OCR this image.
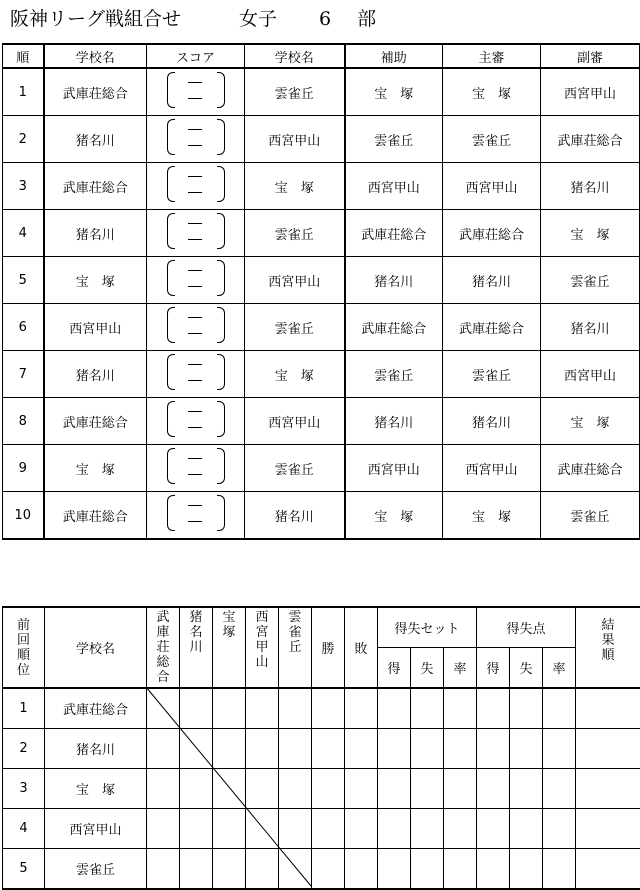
阪神リーグ戦組合せ	女子 6 部
順	学校名	スコア	学校名	補助	主審	副審
1	武庫荘総合		雲雀丘	宝　塚	宝　塚	西宮甲山
2	猪名川		西宮甲山	雲雀丘	雲雀丘	武庫荘総合
3	武庫荘総合		宝　塚	西宮甲山	西宮甲山	猪名川
4	猪名川		雲雀丘	武庫荘総合	武庫荘総合	宝　塚
5	宝　塚		西宮甲山	猪名川	猪名川	雲雀丘
6	西宮甲山		雲雀丘	武庫荘総合	武庫荘総合	猪名川
7	猪名川		宝　塚	雲雀丘	雲雀丘	西宮甲山
8	武庫荘総合		西宮甲山	猪名川	猪名川	宝　塚
9	宝　塚		雲雀丘	西宮甲山	西宮甲山	武庫荘総合
10	武庫荘総合		猪名川	宝　塚	宝　塚	雲雀丘
前回順位	学校名	武庫荘総合	猪名川	宝塚	西宮甲山	雲雀丘	勝	敗	得失セット			得失点			結果順
									得	失	率	得	失	率	
1	武庫荘総合														
2	猪名川														
3	宝　塚														
4	西宮甲山														
5	雲雀丘														
